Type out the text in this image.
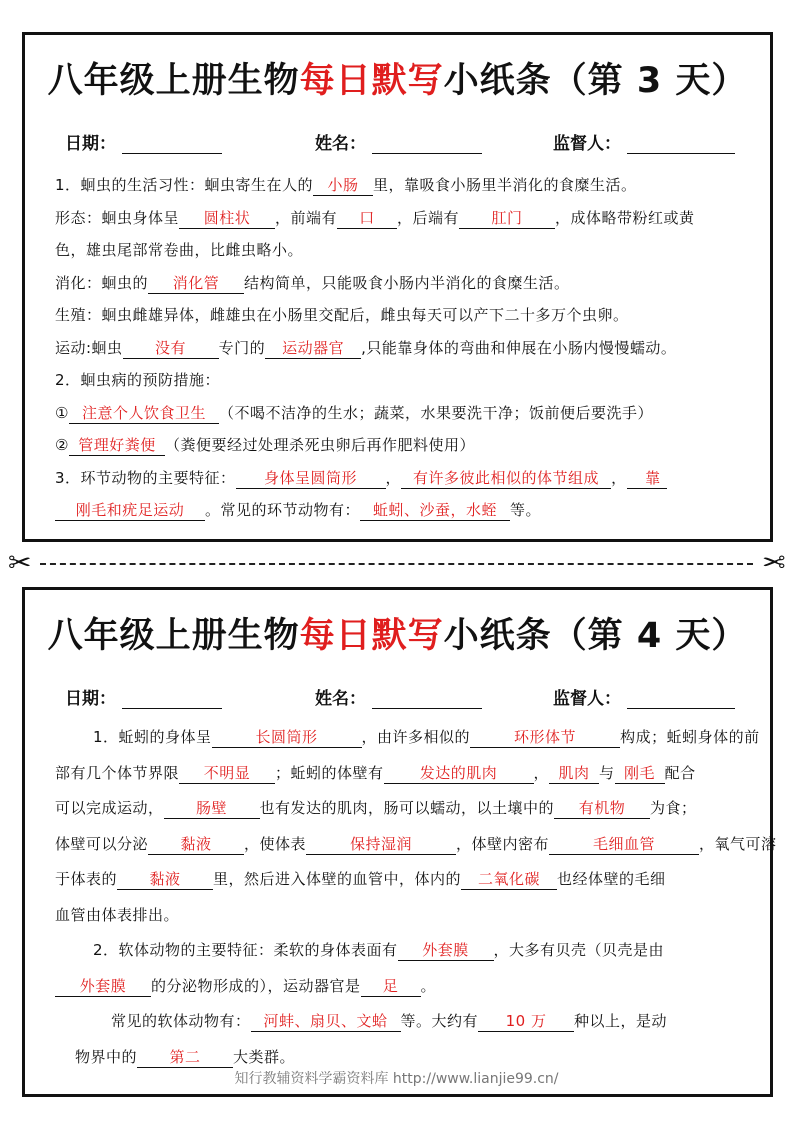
八年级上册生物每日默写小纸条（第 3 天）
日期：	姓名：	监督人：

1．蛔虫的生活习性：蛔虫寄生在人的 小肠 里，靠吸食小肠里半消化的食糜生活。

形态：蛔虫身体呈 圆柱状 ，前端有 口 ，后端有 肛门 ，成体略带粉红或黄

色，雄虫尾部常卷曲，比雌虫略小。

消化：蛔虫的 消化管 结构简单，只能吸食小肠内半消化的食糜生活。

生殖：蛔虫雌雄异体，雌雄虫在小肠里交配后，雌虫每天可以产下二十多万个虫卵。

运动:蛔虫 没有 专门的 运动器官 ,只能靠身体的弯曲和伸展在小肠内慢慢蠕动。

2．蛔虫病的预防措施：

① 注意个人饮食卫生 （不喝不洁净的生水；蔬菜，水果要洗干净；饭前便后要洗手）

② 管理好粪便 （粪便要经过处理杀死虫卵后再作肥料使用）

3．环节动物的主要特征： 身体呈圆筒形 ， 有许多彼此相似的体节组成 ， 靠

刚毛和疣足运动 。常见的环节动物有： 蚯蚓、沙蚕，水蛭 等。

✂	✂
八年级上册生物每日默写小纸条（第 4 天）
日期：	姓名：	监督人：

1．蚯蚓的身体呈	长圆筒形	，由许多相似的	环形体节	构成；蚯蚓身体的前

部有几个体节界限 不明显 ；蚯蚓的体壁有 发达的肌肉 ， 肌肉 与 刚毛 配合

可以完成运动， 肠壁 也有发达的肌肉，肠可以蠕动，以土壤中的 有机物 为食；

体壁可以分泌 黏液 ，使体表	保持湿润	，体壁内密布	毛细血管	，氧气可溶

于体表的 黏液 里，然后进入体壁的血管中，体内的 二氧化碳 也经体壁的毛细

血管由体表排出。

2．软体动物的主要特征：柔软的身体表面有 外套膜 ，大多有贝壳（贝壳是由

外套膜 的分泌物形成的），运动器官是 足 。

常见的软体动物有： 河蚌、扇贝、文蛤 等。大约有 10 万 种以上，是动

物界中的 第二 大类群。

知行教辅资料学霸资料库 http://www.lianjie99.cn/
